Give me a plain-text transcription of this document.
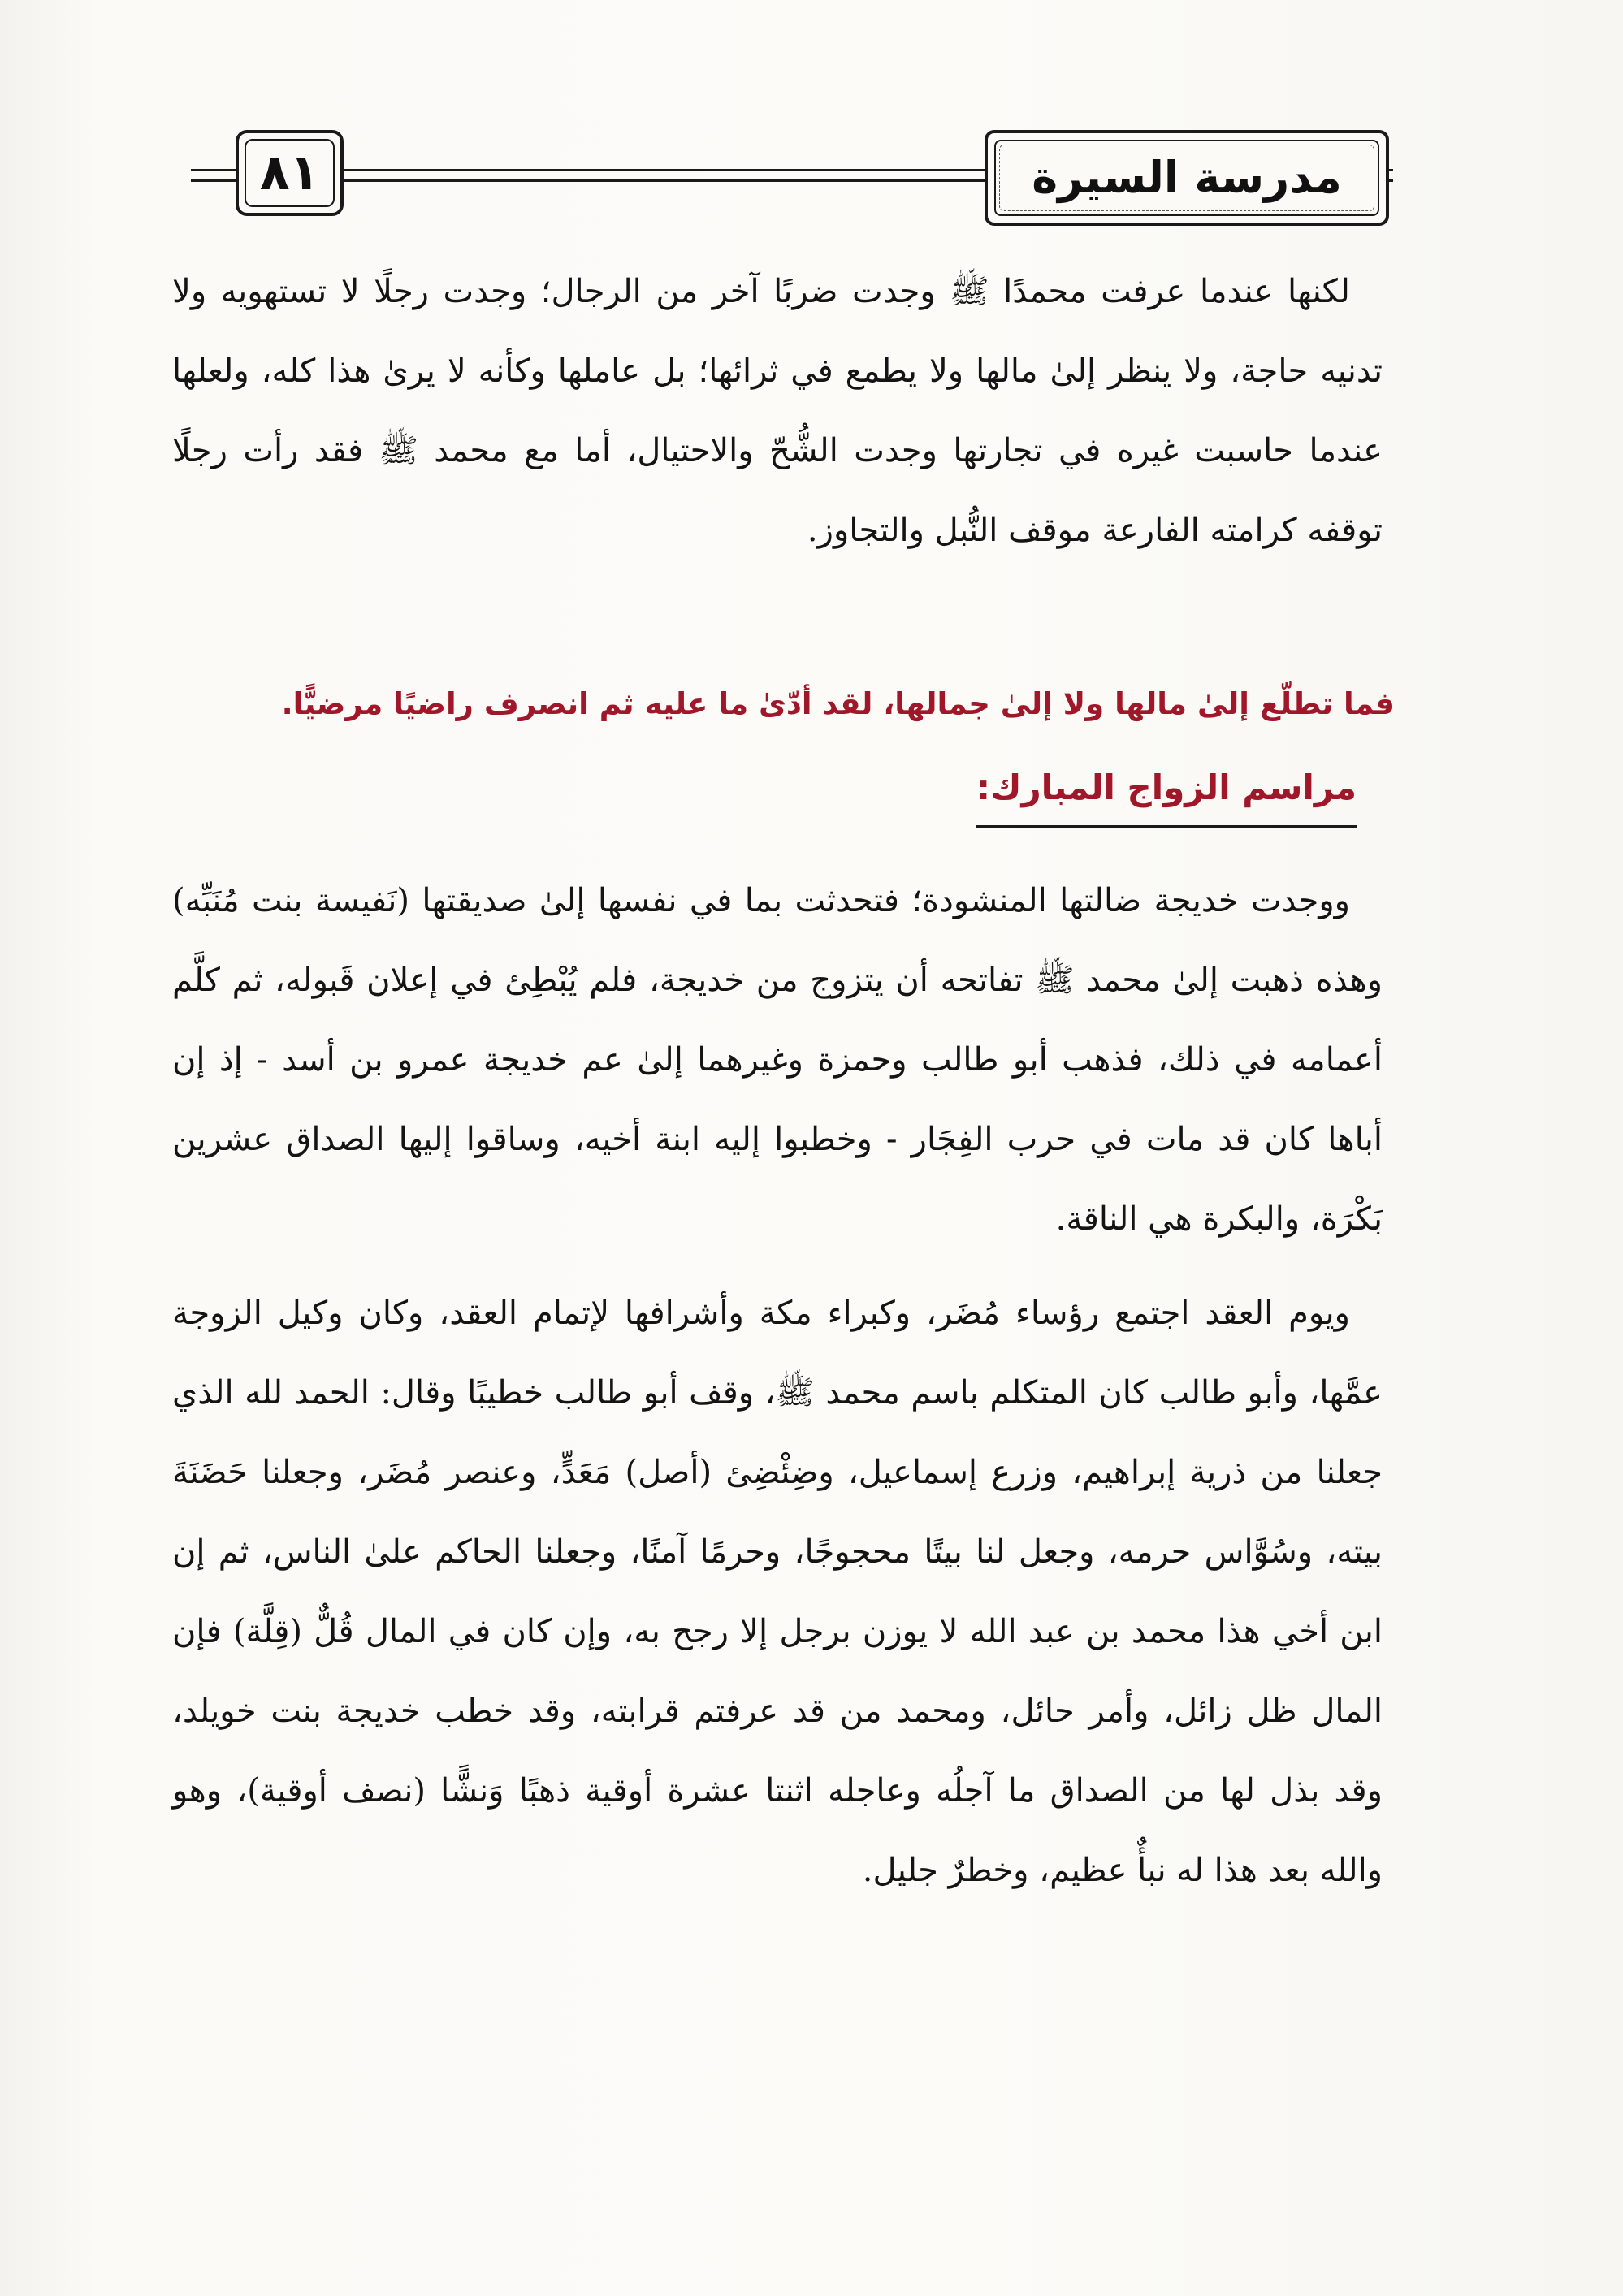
٨١	مدرسة السيرة

لكنها عندما عرفت محمدًا ﷺ وجدت ضربًا آخر من الرجال؛ وجدت رجلًا لا تستهويه ولا تدنيه حاجة، ولا ينظر إلىٰ مالها ولا يطمع في ثرائها؛ بل عاملها وكأنه لا يرىٰ هذا كله، ولعلها عندما حاسبت غيره في تجارتها وجدت الشُّحّ والاحتيال، أما مع محمد ﷺ فقد رأت رجلًا توقفه كرامته الفارعة موقف النُّبل والتجاوز.

فما تطلّع إلىٰ مالها ولا إلىٰ جمالها، لقد أدّىٰ ما عليه ثم انصرف راضيًا مرضيًّا.

مراسم الزواج المبارك:

ووجدت خديجة ضالتها المنشودة؛ فتحدثت بما في نفسها إلىٰ صديقتها (نَفيسة بنت مُنَبِّه) وهذه ذهبت إلىٰ محمد ﷺ تفاتحه أن يتزوج من خديجة، فلم يُبْطِئ في إعلان قَبوله، ثم كلَّم أعمامه في ذلك، فذهب أبو طالب وحمزة وغيرهما إلىٰ عم خديجة عمرو بن أسد - إذ إن أباها كان قد مات في حرب الفِجَار - وخطبوا إليه ابنة أخيه، وساقوا إليها الصداق عشرين بَكْرَة، والبكرة هي الناقة.

ويوم العقد اجتمع رؤساء مُضَر، وكبراء مكة وأشرافها لإتمام العقد، وكان وكيل الزوجة عمَّها، وأبو طالب كان المتكلم باسم محمد ﷺ، وقف أبو طالب خطيبًا وقال: الحمد لله الذي جعلنا من ذرية إبراهيم، وزرع إسماعيل، وضِئْضِئ (أصل) مَعَدٍّ، وعنصر مُضَر، وجعلنا حَضَنَةَ بيته، وسُوَّاس حرمه، وجعل لنا بيتًا محجوجًا، وحرمًا آمنًا، وجعلنا الحاكم علىٰ الناس، ثم إن ابن أخي هذا محمد بن عبد الله لا يوزن برجل إلا رجح به، وإن كان في المال قُلٌّ (قِلَّة) فإن المال ظل زائل، وأمر حائل، ومحمد من قد عرفتم قرابته، وقد خطب خديجة بنت خويلد، وقد بذل لها من الصداق ما آجلُه وعاجله اثنتا عشرة أوقية ذهبًا وَنشًّا (نصف أوقية)، وهو والله بعد هذا له نبأٌ عظيم، وخطرٌ جليل.
